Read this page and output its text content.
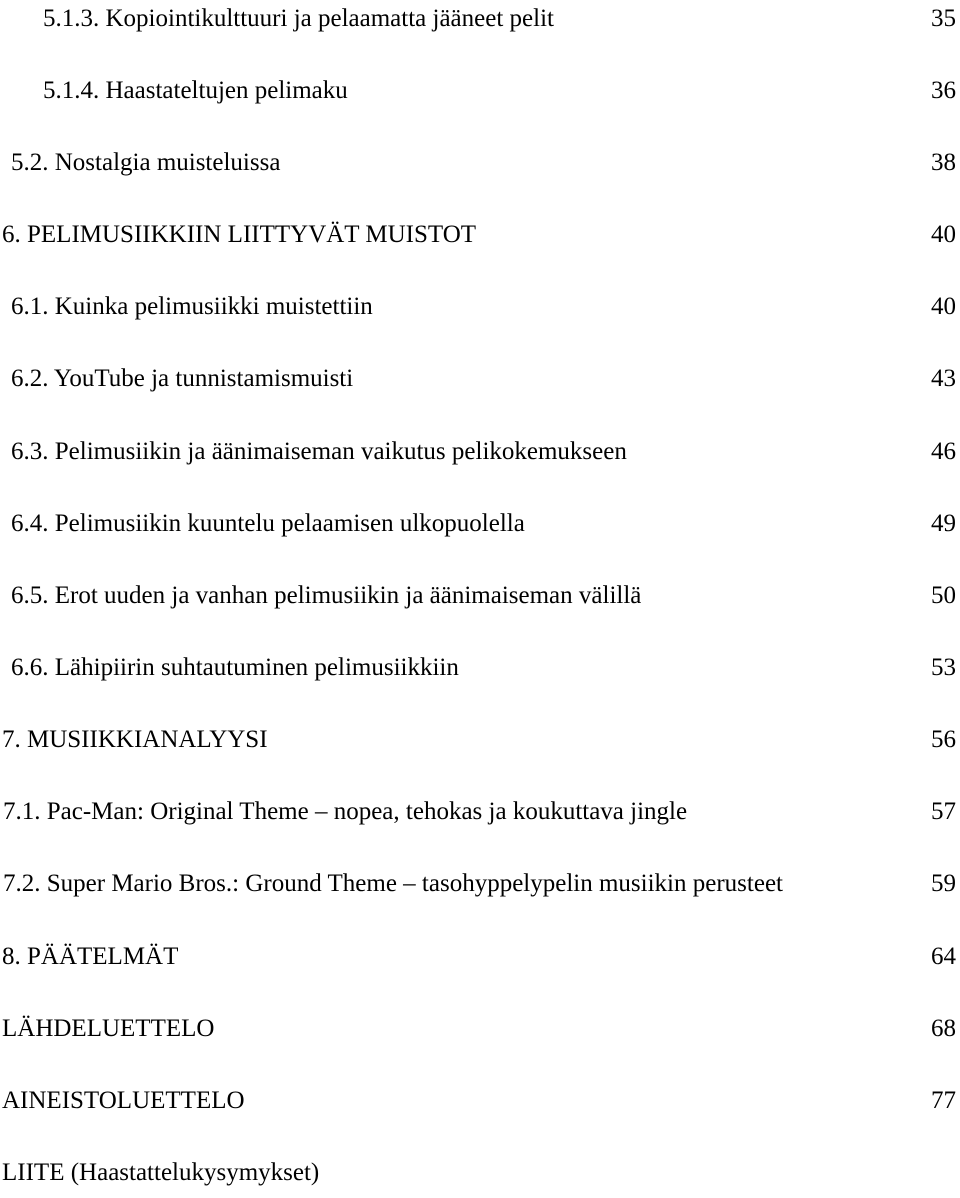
5.1.3. Kopiointikulttuuri ja pelaamatta jääneet pelit	35
5.1.4. Haastateltujen pelimaku	36
5.2. Nostalgia muisteluissa	38
6. PELIMUSIIKKIIN LIITTYVÄT MUISTOT	40
6.1. Kuinka pelimusiikki muistettiin	40
6.2. YouTube ja tunnistamismuisti	43
6.3. Pelimusiikin ja äänimaiseman vaikutus pelikokemukseen	46
6.4. Pelimusiikin kuuntelu pelaamisen ulkopuolella	49
6.5. Erot uuden ja vanhan pelimusiikin ja äänimaiseman välillä	50
6.6. Lähipiirin suhtautuminen pelimusiikkiin	53
7. MUSIIKKIANALYYSI	56
7.1. Pac-Man: Original Theme – nopea, tehokas ja koukuttava jingle	57
7.2. Super Mario Bros.: Ground Theme – tasohyppelypelin musiikin perusteet	59
8. PÄÄTELMÄT	64
LÄHDELUETTELO	68
AINEISTOLUETTELO	77
LIITE (Haastattelukysymykset)
